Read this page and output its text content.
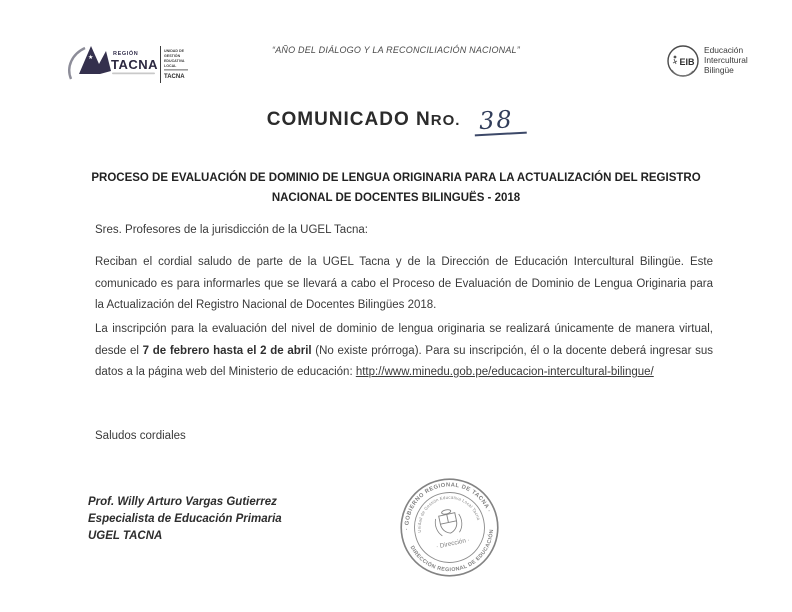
★
REGIÓN
TACNA
UNIDAD DE
GESTIÓN
EDUCATIVA
LOCAL
TACNA
“AÑO DEL DIÁLOGO Y LA RECONCILIACIÓN NACIONAL”
EIB
Educación
Intercultural
Bilingüe
COMUNICADO NRO. 38
PROCESO DE EVALUACIÓN DE DOMINIO DE LENGUA ORIGINARIA PARA LA ACTUALIZACIÓN DEL REGISTRO
NACIONAL DE DOCENTES BILINGUËS - 2018
Sres. Profesores de la jurisdicción de la UGEL Tacna:

Reciban el cordial saludo de parte de la UGEL Tacna y de la Dirección de Educación Intercultural Bilingüe. Este comunicado es para informarles que se llevará a cabo el Proceso de Evaluación de Dominio de Lengua Originaria para la Actualización del Registro Nacional de Docentes Bilingües 2018.

La inscripción para la evaluación del nivel de dominio de lengua originaria se realizará únicamente de manera virtual, desde el 7 de febrero hasta el 2 de abril (No existe prórroga). Para su inscripción, él o la docente deberá ingresar sus datos a la página web del Ministerio de educación: http://www.minedu.gob.pe/educacion-intercultural-bilingue/

Saludos cordiales
Prof. Willy Arturo Vargas Gutierrez
Especialista de Educación Primaria
UGEL TACNA
· GOBIERNO REGIONAL DE TACNA ·
Unidad de Gestión Educativa Local Tacna
· Dirección ·
DIRECCIÓN REGIONAL DE EDUCACIÓN
